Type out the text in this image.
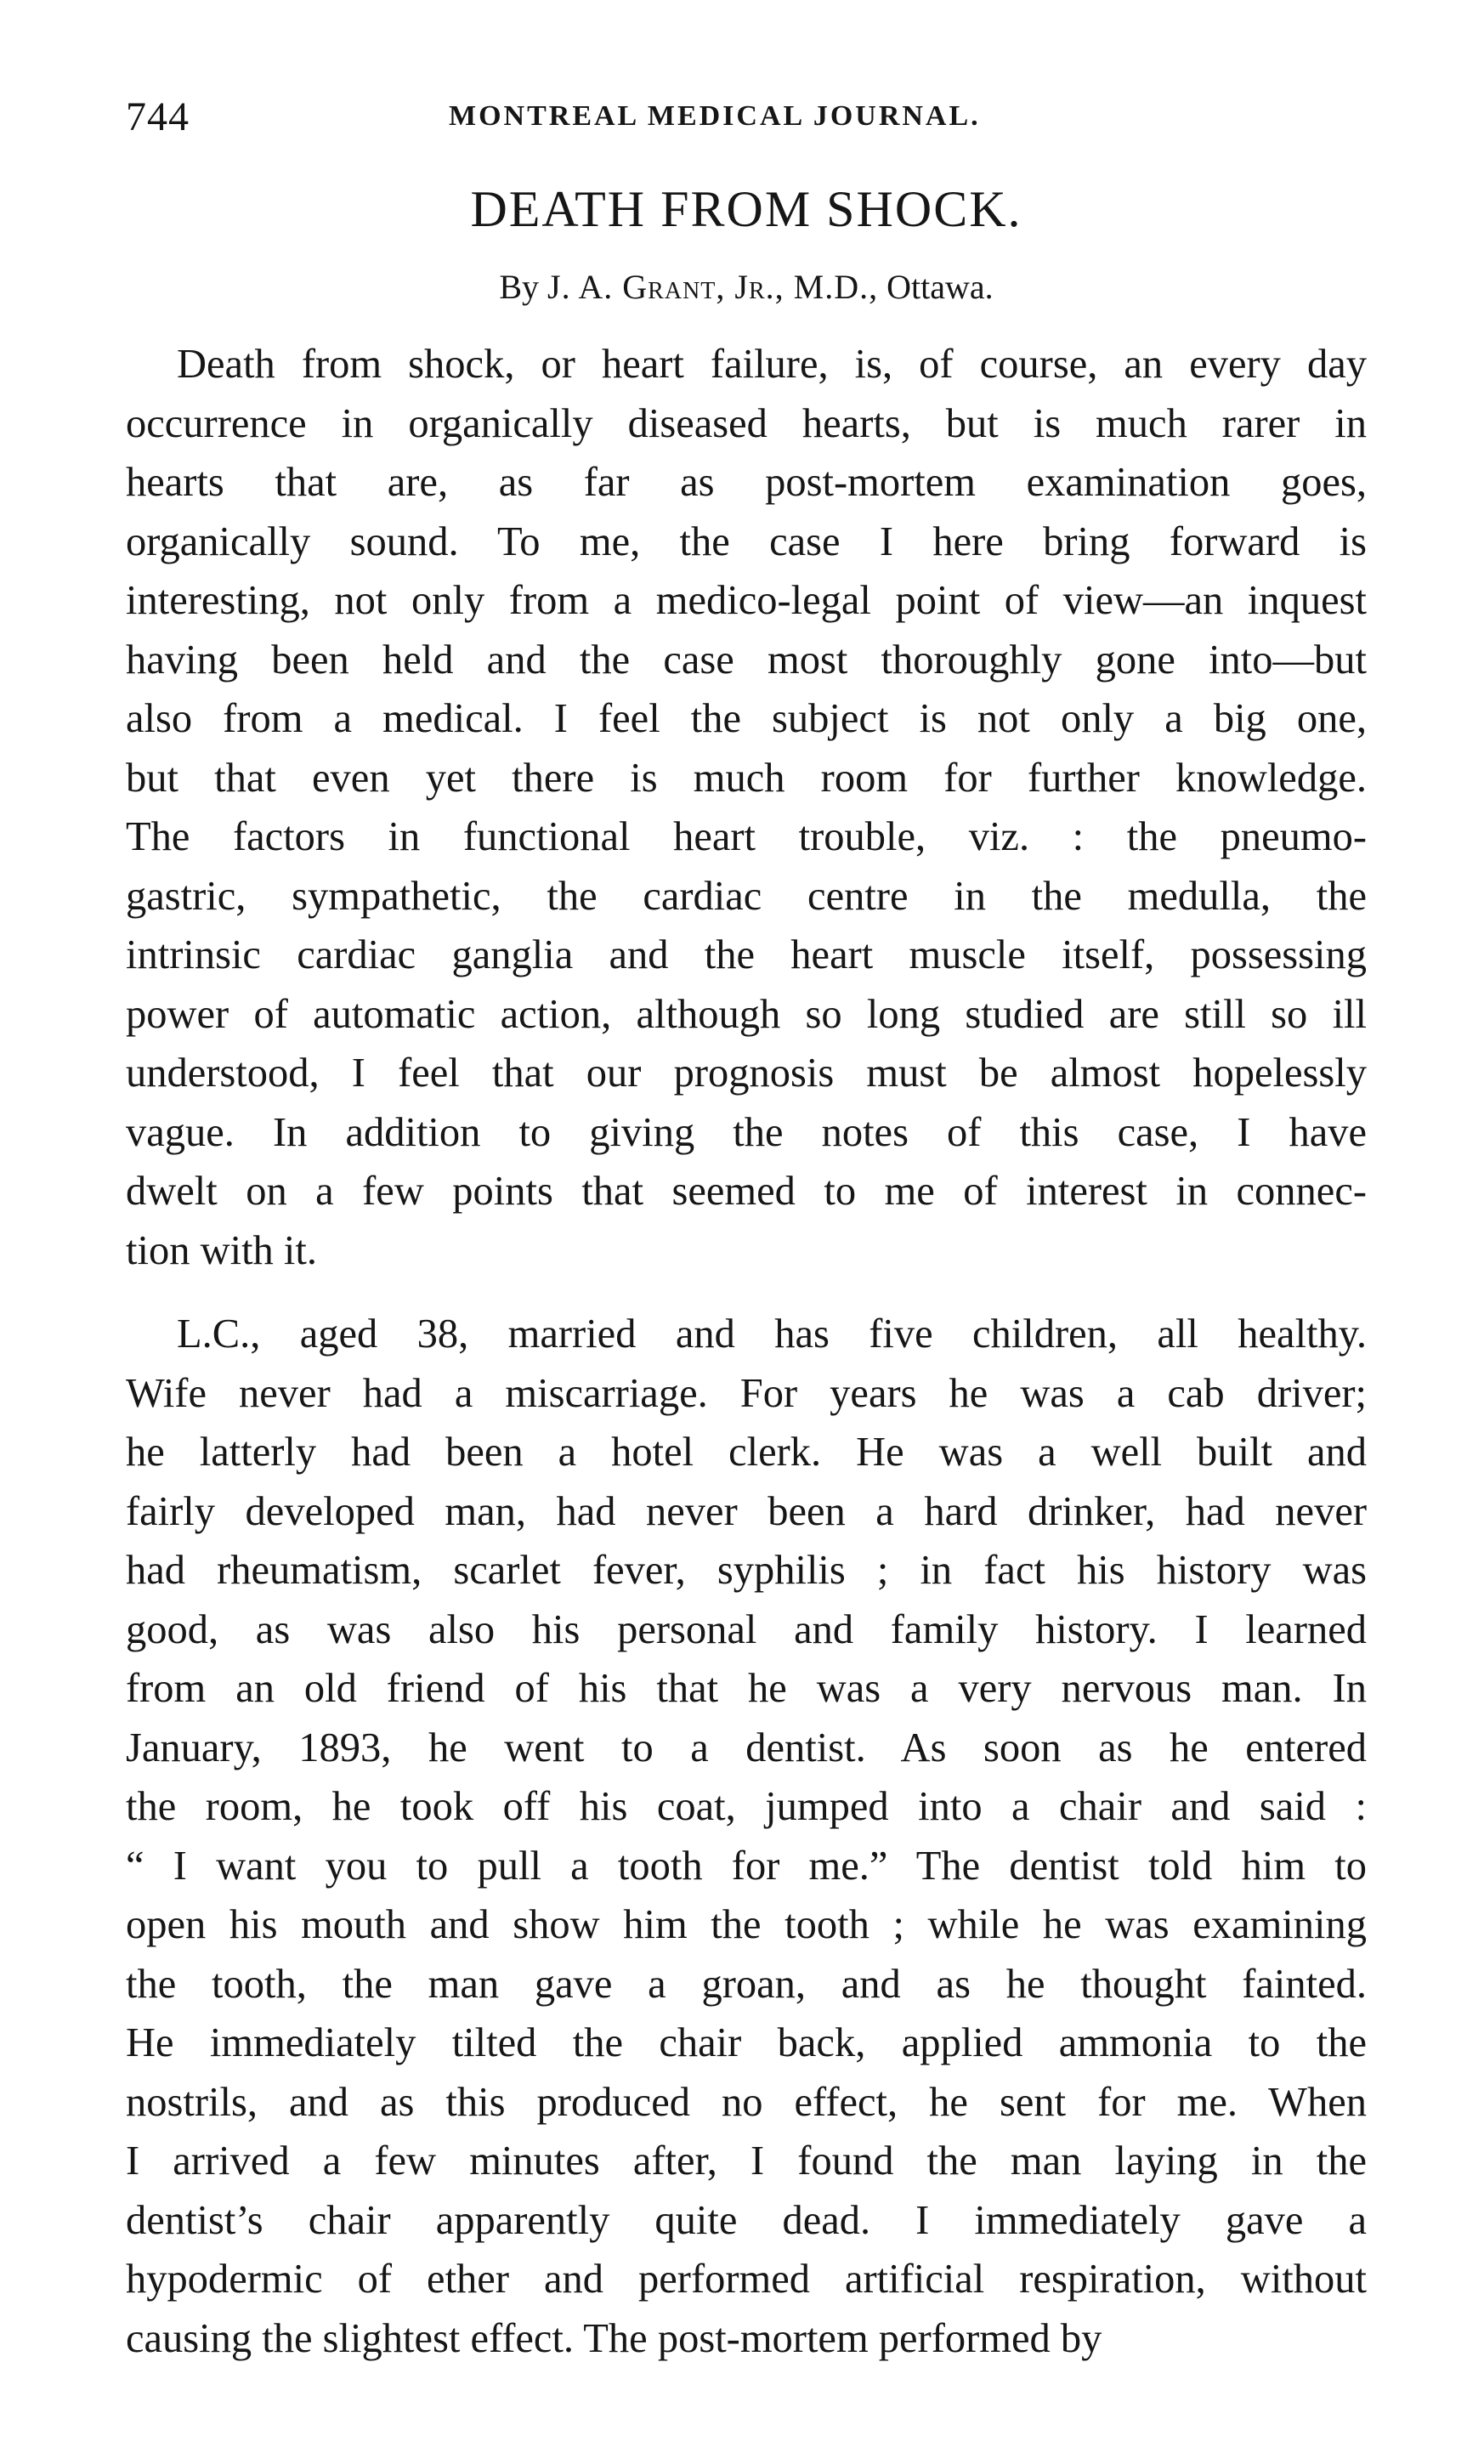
744	MONTREAL MEDICAL JOURNAL.
DEATH FROM SHOCK.
By J. A. Grant, Jr., M.D., Ottawa.
Death from shock, or heart failure, is, of course, an every day
occurrence in organically diseased hearts, but is much rarer in
hearts that are, as far as post-mortem examination goes,
organically sound. To me, the case I here bring forward is
interesting, not only from a medico-legal point of view—an inquest
having been held and the case most thoroughly gone into—but
also from a medical. I feel the subject is not only a big one,
but that even yet there is much room for further knowledge.
The factors in functional heart trouble, viz. : the pneumo-
gastric, sympathetic, the cardiac centre in the medulla, the
intrinsic cardiac ganglia and the heart muscle itself, possessing
power of automatic action, although so long studied are still so ill
understood, I feel that our prognosis must be almost hopelessly
vague. In addition to giving the notes of this case, I have
dwelt on a few points that seemed to me of interest in connec-
tion with it.
L.C., aged 38, married and has five children, all healthy.
Wife never had a miscarriage. For years he was a cab driver;
he latterly had been a hotel clerk. He was a well built and
fairly developed man, had never been a hard drinker, had never
had rheumatism, scarlet fever, syphilis ; in fact his history was
good, as was also his personal and family history. I learned
from an old friend of his that he was a very nervous man. In
January, 1893, he went to a dentist. As soon as he entered
the room, he took off his coat, jumped into a chair and said :
“ I want you to pull a tooth for me.” The dentist told him to
open his mouth and show him the tooth ; while he was examining
the tooth, the man gave a groan, and as he thought fainted.
He immediately tilted the chair back, applied ammonia to the
nostrils, and as this produced no effect, he sent for me. When
I arrived a few minutes after, I found the man laying in the
dentist’s chair apparently quite dead. I immediately gave a
hypodermic of ether and performed artificial respiration, without
causing the slightest effect. The post-mortem performed by
